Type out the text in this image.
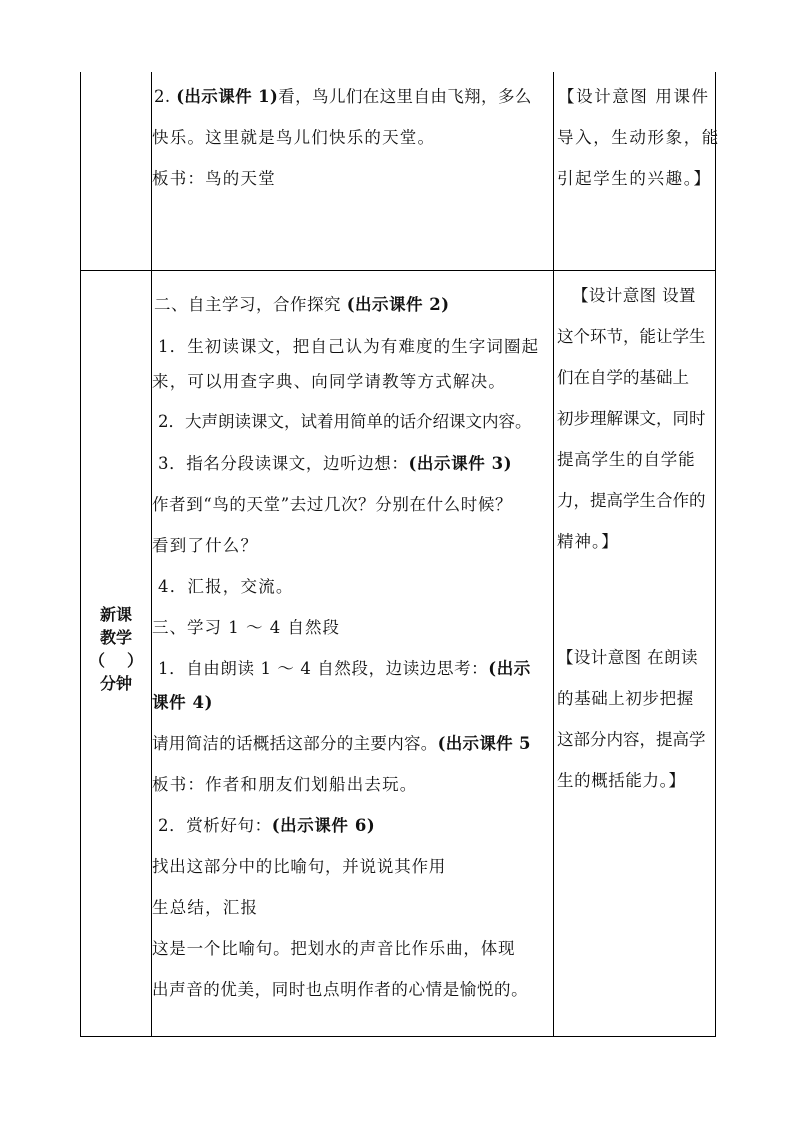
2. (出示课件 1)看，鸟儿们在这里自由飞翔，多么
快乐。这里就是鸟儿们快乐的天堂。
板书：鸟的天堂
【设计意图 用课件
导入，生动形象，能
引起学生的兴趣。】
新课
教学
（ ）
分钟
二、自主学习，合作探究 (出示课件 2)
1．生初读课文，把自己认为有难度的生字词圈起
来，可以用查字典、向同学请教等方式解决。
2．大声朗读课文，试着用简单的话介绍课文内容。
3．指名分段读课文，边听边想：(出示课件 3)
作者到“鸟的天堂”去过几次？分别在什么时候？
看到了什么？
4．汇报，交流。
三、学习 1 ～ 4 自然段
1．自由朗读 1 ～ 4 自然段，边读边思考：(出示
课件 4)
请用简洁的话概括这部分的主要内容。(出示课件 5
板书：作者和朋友们划船出去玩。
2．赏析好句：(出示课件 6)
找出这部分中的比喻句，并说说其作用
生总结，汇报
这是一个比喻句。把划水的声音比作乐曲，体现
出声音的优美，同时也点明作者的心情是愉悦的。
【设计意图 设置
这个环节，能让学生
们在自学的基础上
初步理解课文，同时
提高学生的自学能
力，提高学生合作的
精神。】
【设计意图 在朗读
的基础上初步把握
这部分内容，提高学
生的概括能力。】
